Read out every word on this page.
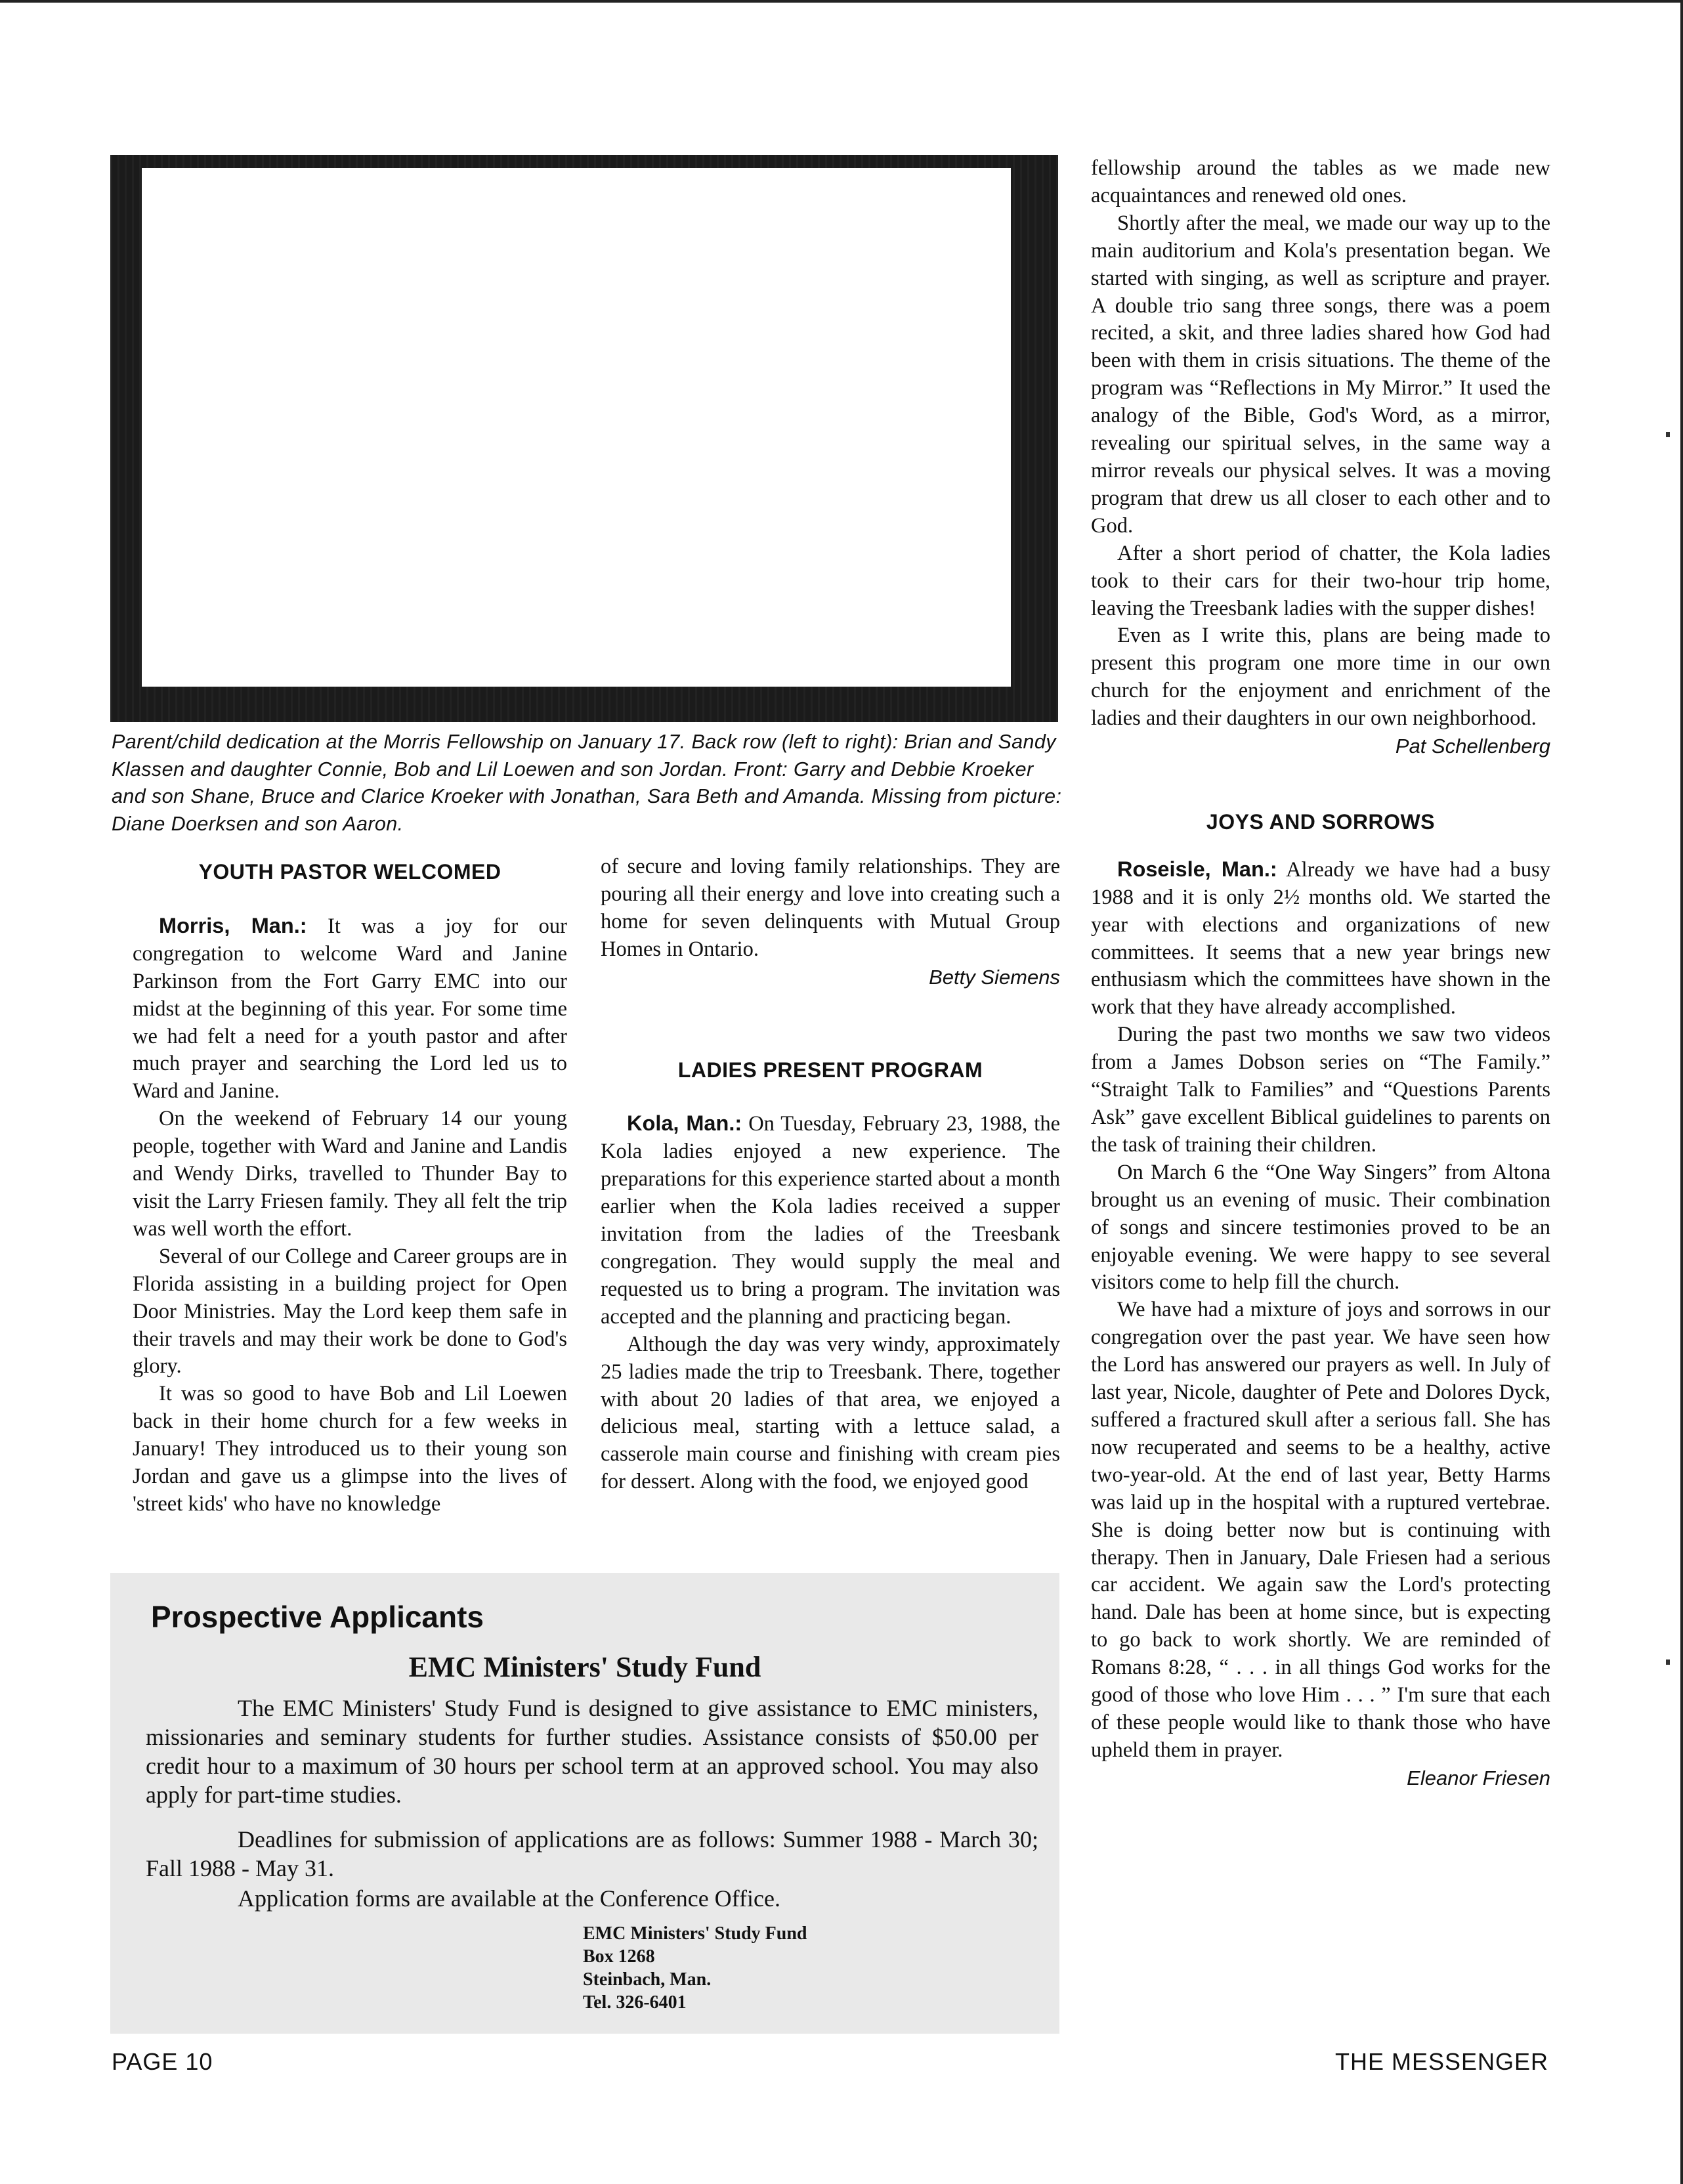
Parent/child dedication at the Morris Fellowship on January 17. Back row (left to right): Brian and Sandy Klassen and daughter Connie, Bob and Lil Loewen and son Jordan. Front: Garry and Debbie Kroeker and son Shane, Bruce and Clarice Kroeker with Jonathan, Sara Beth and Amanda. Missing from picture: Diane Doerksen and son Aaron.

YOUTH PASTOR WELCOMED

Morris, Man.: It was a joy for our congregation to welcome Ward and Janine Parkinson from the Fort Garry EMC into our midst at the beginning of this year. For some time we had felt a need for a youth pastor and after much prayer and searching the Lord led us to Ward and Janine.

On the weekend of February 14 our young people, together with Ward and Janine and Landis and Wendy Dirks, travelled to Thunder Bay to visit the Larry Friesen family. They all felt the trip was well worth the effort.

Several of our College and Career groups are in Florida assisting in a building project for Open Door Ministries. May the Lord keep them safe in their travels and may their work be done to God's glory.

It was so good to have Bob and Lil Loewen back in their home church for a few weeks in January! They introduced us to their young son Jordan and gave us a glimpse into the lives of 'street kids' who have no knowledge

of secure and loving family relationships. They are pouring all their energy and love into creating such a home for seven delinquents with Mutual Group Homes in Ontario.

Betty Siemens

LADIES PRESENT PROGRAM

Kola, Man.: On Tuesday, February 23, 1988, the Kola ladies enjoyed a new experience. The preparations for this experience started about a month earlier when the Kola ladies received a supper invitation from the ladies of the Treesbank congregation. They would supply the meal and requested us to bring a program. The invitation was accepted and the planning and practicing began.

Although the day was very windy, approximately 25 ladies made the trip to Treesbank. There, together with about 20 ladies of that area, we enjoyed a delicious meal, starting with a lettuce salad, a casserole main course and finishing with cream pies for dessert. Along with the food, we enjoyed good

fellowship around the tables as we made new acquaintances and renewed old ones.

Shortly after the meal, we made our way up to the main auditorium and Kola's presentation began. We started with singing, as well as scripture and prayer. A double trio sang three songs, there was a poem recited, a skit, and three ladies shared how God had been with them in crisis situations. The theme of the program was “Reflections in My Mirror.” It used the analogy of the Bible, God's Word, as a mirror, revealing our spiritual selves, in the same way a mirror reveals our physical selves. It was a moving program that drew us all closer to each other and to God.

After a short period of chatter, the Kola ladies took to their cars for their two-hour trip home, leaving the Treesbank ladies with the supper dishes!

Even as I write this, plans are being made to present this program one more time in our own church for the enjoyment and enrichment of the ladies and their daughters in our own neighborhood.

Pat Schellenberg

JOYS AND SORROWS

Roseisle, Man.: Already we have had a busy 1988 and it is only 2½ months old. We started the year with elections and organizations of new committees. It seems that a new year brings new enthusiasm which the committees have shown in the work that they have already accomplished.

During the past two months we saw two videos from a James Dobson series on “The Family.” “Straight Talk to Families” and “Questions Parents Ask” gave excellent Biblical guidelines to parents on the task of training their children.

On March 6 the “One Way Singers” from Altona brought us an evening of music. Their combination of songs and sincere testimonies proved to be an enjoyable evening. We were happy to see several visitors come to help fill the church.

We have had a mixture of joys and sorrows in our congregation over the past year. We have seen how the Lord has answered our prayers as well. In July of last year, Nicole, daughter of Pete and Dolores Dyck, suffered a fractured skull after a serious fall. She has now recuperated and seems to be a healthy, active two-year-old. At the end of last year, Betty Harms was laid up in the hospital with a ruptured vertebrae. She is doing better now but is continuing with therapy. Then in January, Dale Friesen had a serious car accident. We again saw the Lord's protecting hand. Dale has been at home since, but is expecting to go back to work shortly. We are reminded of Romans 8:28, “ . . . in all things God works for the good of those who love Him . . . ” I'm sure that each of these people would like to thank those who have upheld them in prayer.

Eleanor Friesen

Prospective Applicants
EMC Ministers' Study Fund

The EMC Ministers' Study Fund is designed to give assistance to EMC ministers, missionaries and seminary students for further studies. Assistance consists of $50.00 per credit hour to a maximum of 30 hours per school term at an approved school. You may also apply for part-time studies.

Deadlines for submission of applications are as follows: Summer 1988 - March 30; Fall 1988 - May 31.

Application forms are available at the Conference Office.

EMC Ministers' Study Fund
Box 1268
Steinbach, Man.
Tel. 326-6401
PAGE 10	THE MESSENGER
